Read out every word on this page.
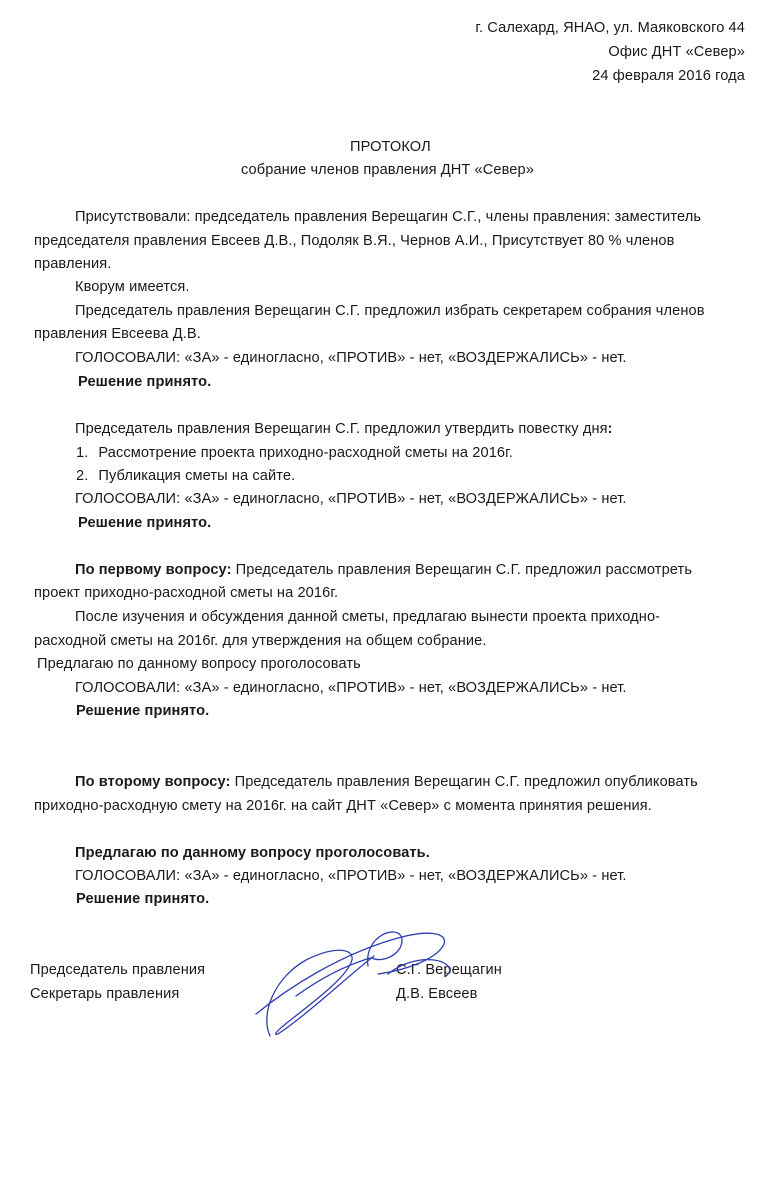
г. Салехард, ЯНАО, ул. Маяковского 44
Офис ДНТ «Север»
24 февраля 2016 года
ПРОТОКОЛ
собрание членов правления ДНТ «Север»
Присутствовали: председатель правления Верещагин С.Г., члены правления: заместитель
председателя правления Евсеев Д.В., Подоляк В.Я., Чернов А.И., Присутствует 80 % членов
правления.
Кворум имеется.
Председатель правления Верещагин С.Г. предложил избрать секретарем собрания членов
правления Евсеева Д.В.
ГОЛОСОВАЛИ: «ЗА» - единогласно, «ПРОТИВ» - нет, «ВОЗДЕРЖАЛИСЬ» - нет.
Решение принято.
Председатель правления Верещагин С.Г. предложил утвердить повестку дня:
1. Рассмотрение проекта приходно-расходной сметы на 2016г.
2. Публикация сметы на сайте.
ГОЛОСОВАЛИ: «ЗА» - единогласно, «ПРОТИВ» - нет, «ВОЗДЕРЖАЛИСЬ» - нет.
Решение принято.
По первому вопросу: Председатель правления Верещагин С.Г. предложил рассмотреть
проект приходно-расходной сметы на 2016г.
После изучения и обсуждения данной сметы, предлагаю вынести проекта приходно-
расходной сметы на 2016г. для утверждения на общем собрание.
Предлагаю по данному вопросу проголосовать
ГОЛОСОВАЛИ: «ЗА» - единогласно, «ПРОТИВ» - нет, «ВОЗДЕРЖАЛИСЬ» - нет.
Решение принято.
По второму вопросу: Председатель правления Верещагин С.Г. предложил опубликовать
приходно-расходную смету на 2016г. на сайт ДНТ «Север» с момента принятия решения.
Предлагаю по данному вопросу проголосовать.
ГОЛОСОВАЛИ: «ЗА» - единогласно, «ПРОТИВ» - нет, «ВОЗДЕРЖАЛИСЬ» - нет.
Решение принято.
Председатель правления
Секретарь правления
С.Г. Верещагин
Д.В. Евсеев
